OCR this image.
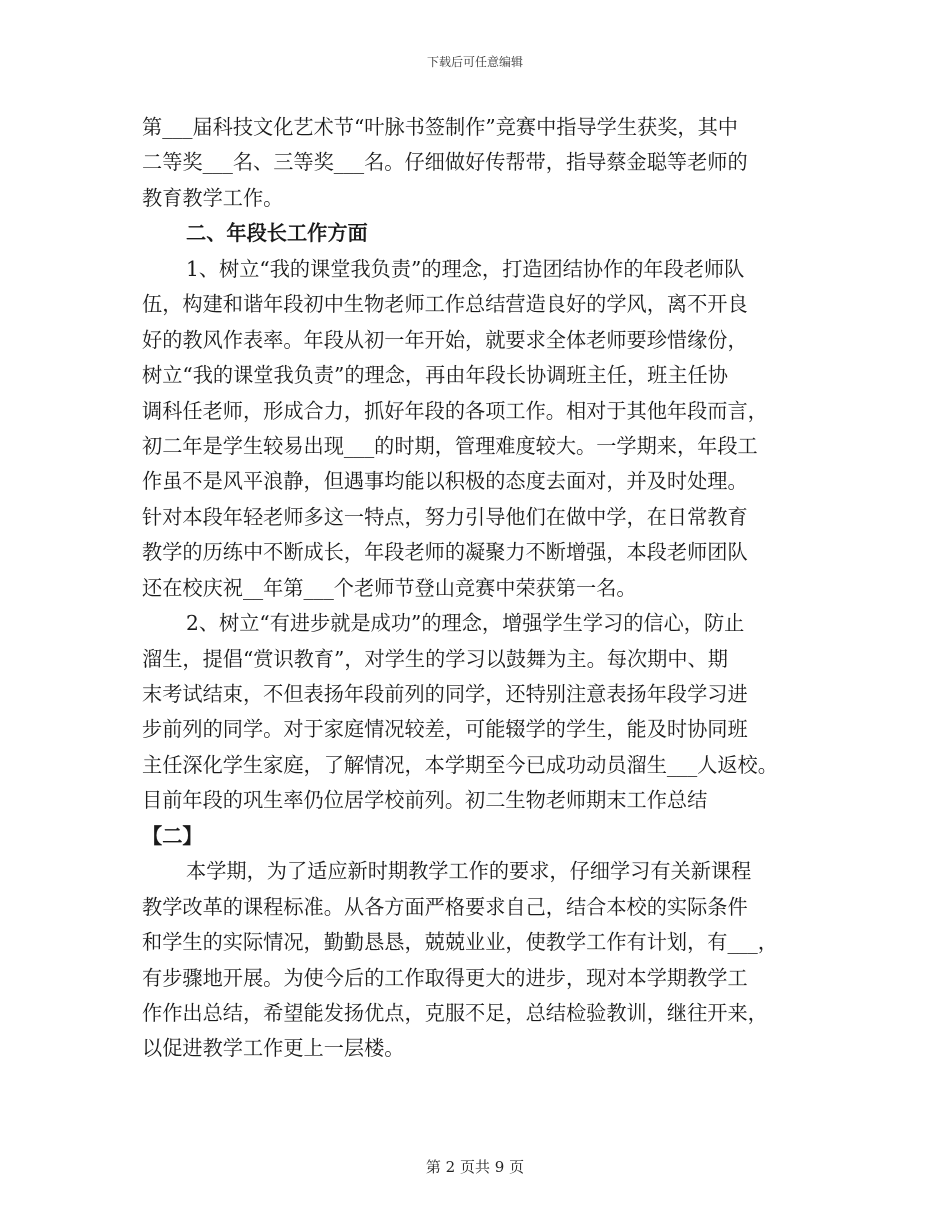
下载后可任意编辑
第___届科技文化艺术节“叶脉书签制作”竞赛中指导学生获奖，其中
二等奖___名、三等奖___名。仔细做好传帮带，指导蔡金聪等老师的
教育教学工作。
二、年段长工作方面
1、树立“我的课堂我负责”的理念，打造团结协作的年段老师队
伍，构建和谐年段初中生物老师工作总结营造良好的学风，离不开良
好的教风作表率。年段从初一年开始，就要求全体老师要珍惜缘份，
树立“我的课堂我负责”的理念，再由年段长协调班主任，班主任协
调科任老师，形成合力，抓好年段的各项工作。相对于其他年段而言，
初二年是学生较易出现___的时期，管理难度较大。一学期来，年段工
作虽不是风平浪静，但遇事均能以积极的态度去面对，并及时处理。
针对本段年轻老师多这一特点，努力引导他们在做中学，在日常教育
教学的历练中不断成长，年段老师的凝聚力不断增强，本段老师团队
还在校庆祝__年第___个老师节登山竞赛中荣获第一名。
2、树立“有进步就是成功”的理念，增强学生学习的信心，防止
溜生，提倡“赏识教育”，对学生的学习以鼓舞为主。每次期中、期
末考试结束，不但表扬年段前列的同学，还特别注意表扬年段学习进
步前列的同学。对于家庭情况较差，可能辍学的学生，能及时协同班
主任深化学生家庭，了解情况，本学期至今已成功动员溜生___人返校。
目前年段的巩生率仍位居学校前列。初二生物老师期末工作总结
【二】
本学期，为了适应新时期教学工作的要求，仔细学习有关新课程
教学改革的课程标准。从各方面严格要求自己，结合本校的实际条件
和学生的实际情况，勤勤恳恳，兢兢业业，使教学工作有计划，有___，
有步骤地开展。为使今后的工作取得更大的进步，现对本学期教学工
作作出总结，希望能发扬优点，克服不足，总结检验教训，继往开来，
以促进教学工作更上一层楼。
第 2 页共 9 页
